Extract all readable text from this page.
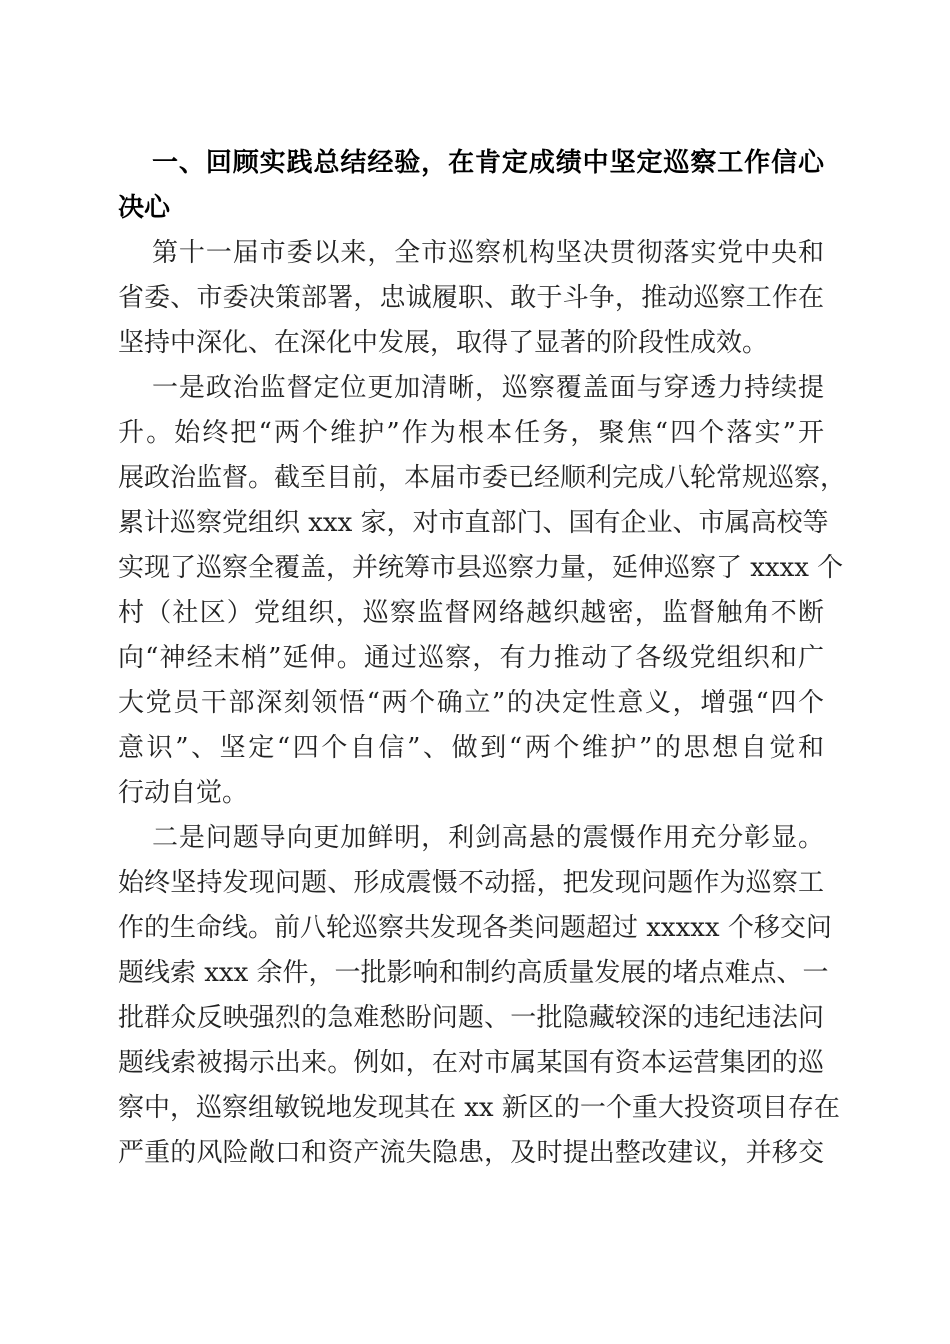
一、回顾实践总结经验，在肯定成绩中坚定巡察工作信心
决心
第十一届市委以来，全市巡察机构坚决贯彻落实党中央和
省委、市委决策部署，忠诚履职、敢于斗争，推动巡察工作在
坚持中深化、在深化中发展，取得了显著的阶段性成效。
一是政治监督定位更加清晰，巡察覆盖面与穿透力持续提
升。始终把“两个维护”作为根本任务，聚焦“四个落实”开
展政治监督。截至目前，本届市委已经顺利完成八轮常规巡察，
累计巡察党组织 xxx 家，对市直部门、国有企业、市属高校等
实现了巡察全覆盖，并统筹市县巡察力量，延伸巡察了 xxxx 个
村（社区）党组织，巡察监督网络越织越密，监督触角不断
向“神经末梢”延伸。通过巡察，有力推动了各级党组织和广
大党员干部深刻领悟“两个确立”的决定性意义，增强“四个
意识”、坚定“四个自信”、做到“两个维护”的思想自觉和
行动自觉。
二是问题导向更加鲜明，利剑高悬的震慑作用充分彰显。
始终坚持发现问题、形成震慑不动摇，把发现问题作为巡察工
作的生命线。前八轮巡察共发现各类问题超过 xxxxx 个移交问
题线索 xxx 余件，一批影响和制约高质量发展的堵点难点、一
批群众反映强烈的急难愁盼问题、一批隐藏较深的违纪违法问
题线索被揭示出来。例如，在对市属某国有资本运营集团的巡
察中，巡察组敏锐地发现其在 xx 新区的一个重大投资项目存在
严重的风险敞口和资产流失隐患，及时提出整改建议，并移交
